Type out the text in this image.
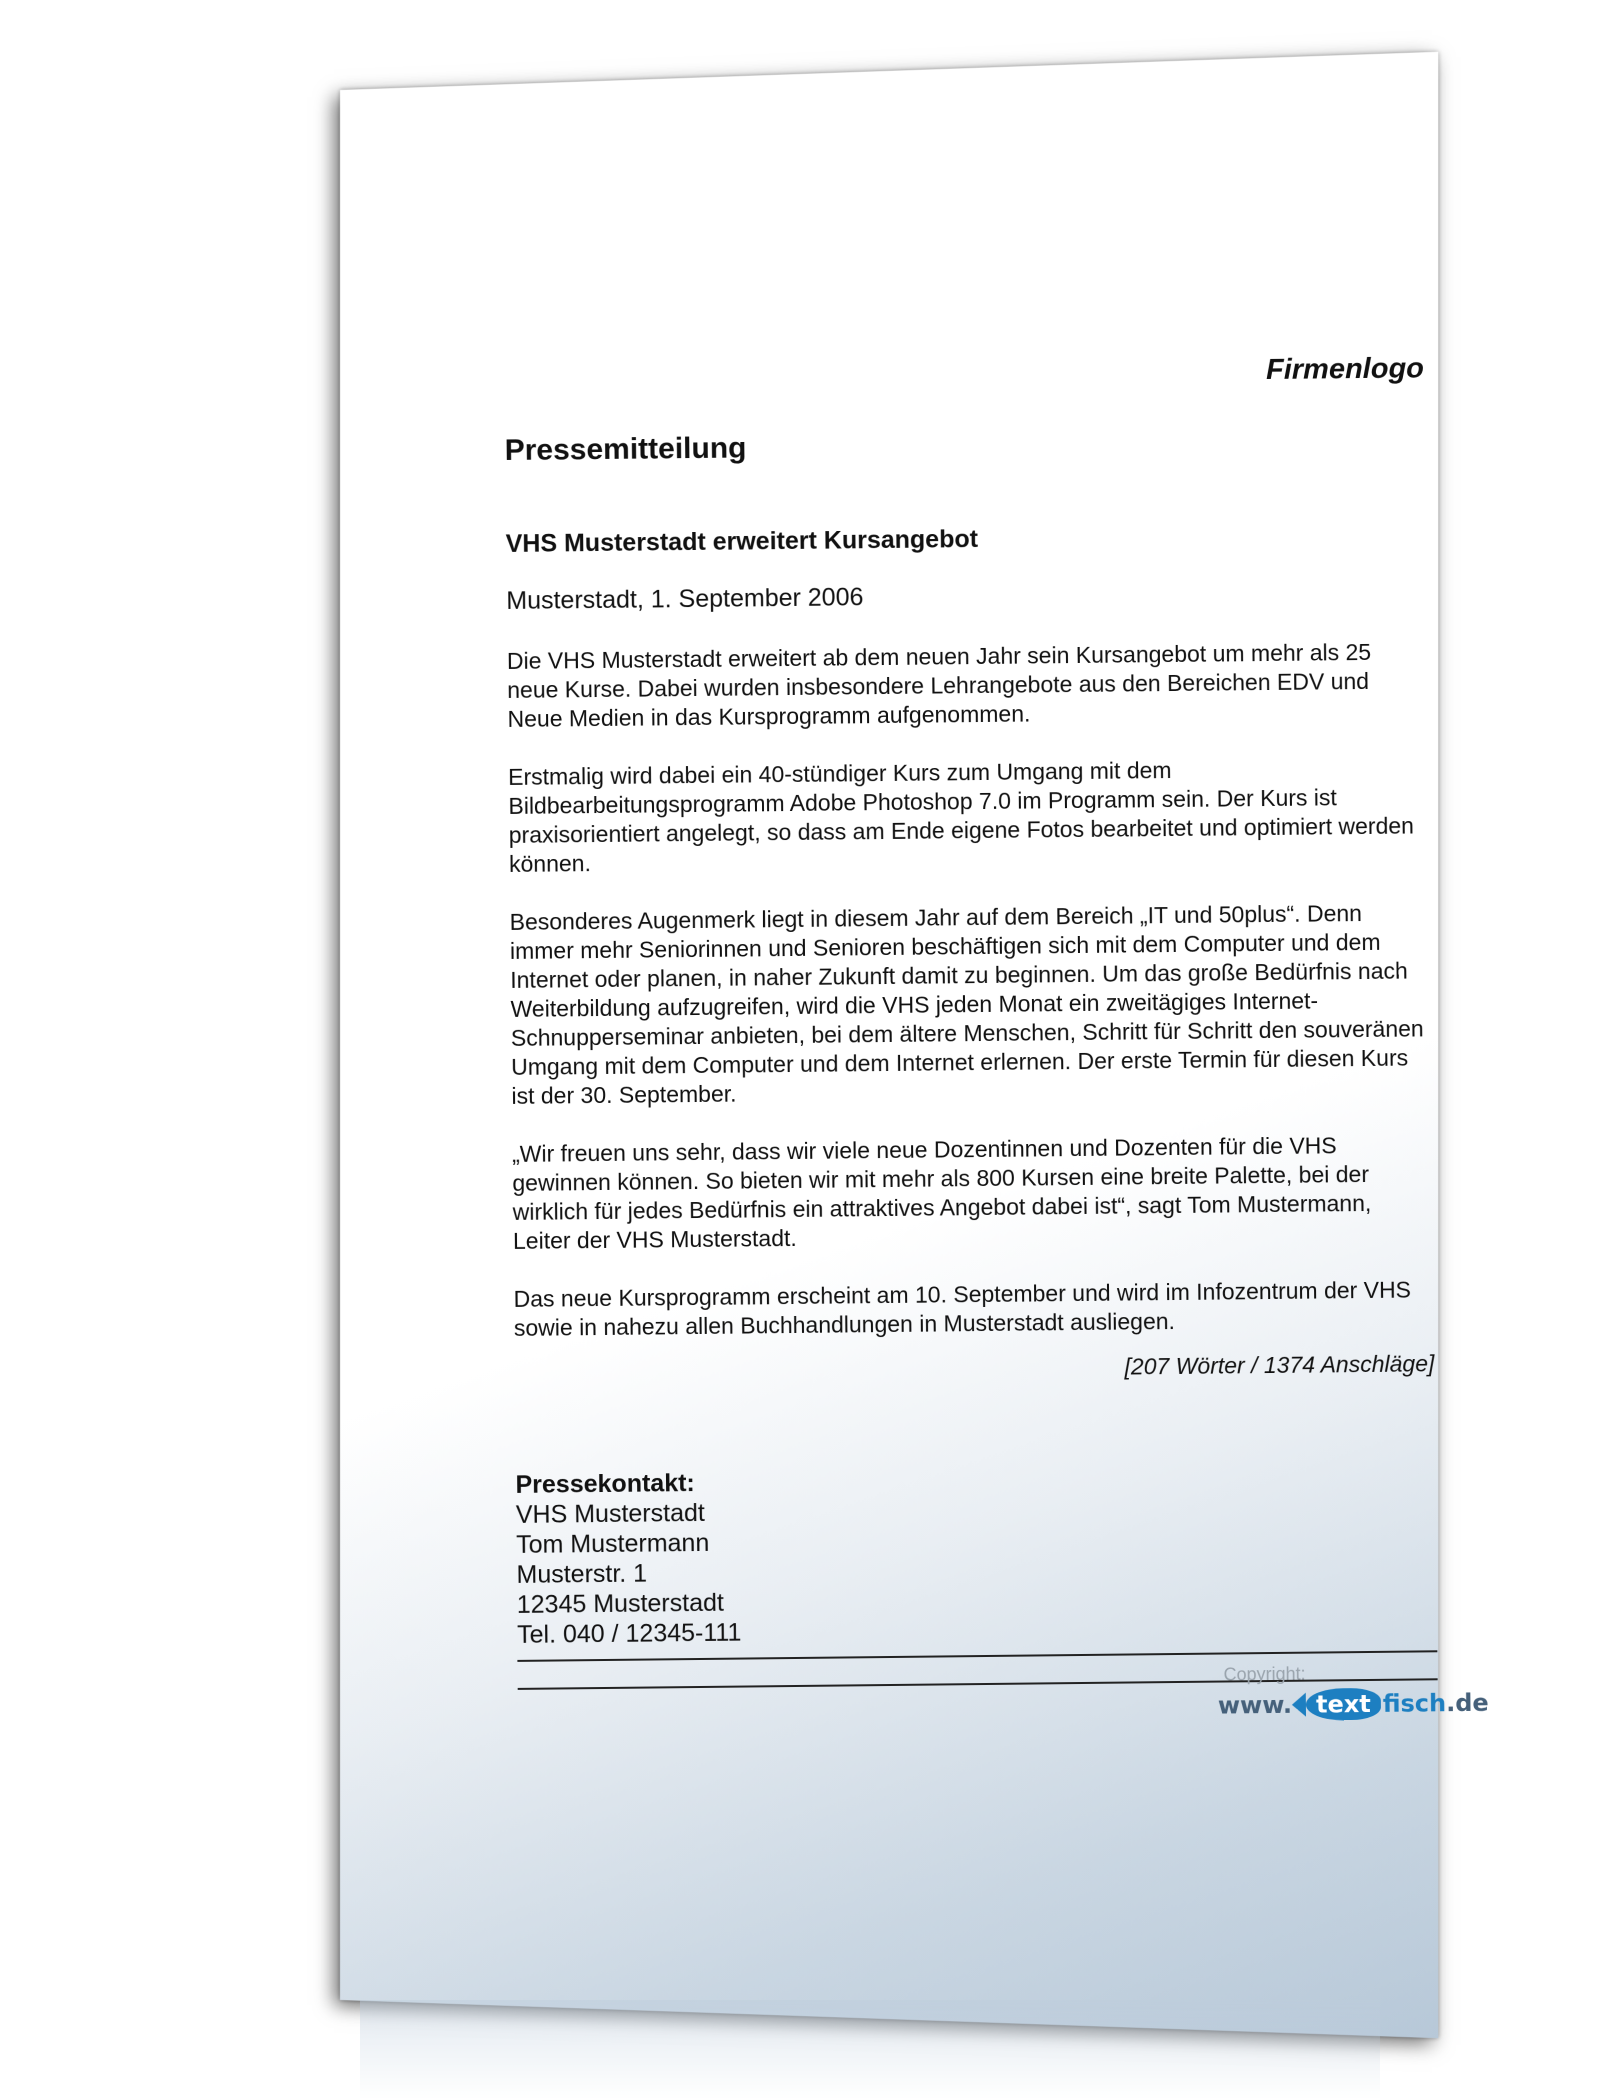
Firmenlogo
Pressemitteilung
VHS Musterstadt erweitert Kursangebot
Musterstadt, 1. September 2006

Die VHS Musterstadt erweitert ab dem neuen Jahr sein Kursangebot um mehr als 25 neue Kurse. Dabei wurden insbesondere Lehrangebote aus den Bereichen EDV und Neue Medien in das Kursprogramm aufgenommen.

Erstmalig wird dabei ein 40-stündiger Kurs zum Umgang mit dem Bildbearbeitungsprogramm Adobe Photoshop 7.0 im Programm sein. Der Kurs ist praxisorientiert angelegt, so dass am Ende eigene Fotos bearbeitet und optimiert werden können.

Besonderes Augenmerk liegt in diesem Jahr auf dem Bereich „IT und 50plus“. Denn immer mehr Seniorinnen und Senioren beschäftigen sich mit dem Computer und dem Internet oder planen, in naher Zukunft damit zu beginnen. Um das große Bedürfnis nach Weiterbildung aufzugreifen, wird die VHS jeden Monat ein zweitägiges Internet-Schnupperseminar anbieten, bei dem ältere Menschen, Schritt für Schritt den souveränen Umgang mit dem Computer und dem Internet erlernen. Der erste Termin für diesen Kurs ist der 30. September.

„Wir freuen uns sehr, dass wir viele neue Dozentinnen und Dozenten für die VHS gewinnen können. So bieten wir mit mehr als 800 Kursen eine breite Palette, bei der wirklich für jedes Bedürfnis ein attraktives Angebot dabei ist“, sagt Tom Mustermann, Leiter der VHS Musterstadt.

Das neue Kursprogramm erscheint am 10. September und wird im Infozentrum der VHS sowie in nahezu allen Buchhandlungen in Musterstadt ausliegen.

[207 Wörter / 1374 Anschläge]
Pressekontakt:
VHS Musterstadt
Tom Mustermann
Musterstr. 1
12345 Musterstadt
Tel. 040 / 12345-111
Copyright:
www. text fisch .de
